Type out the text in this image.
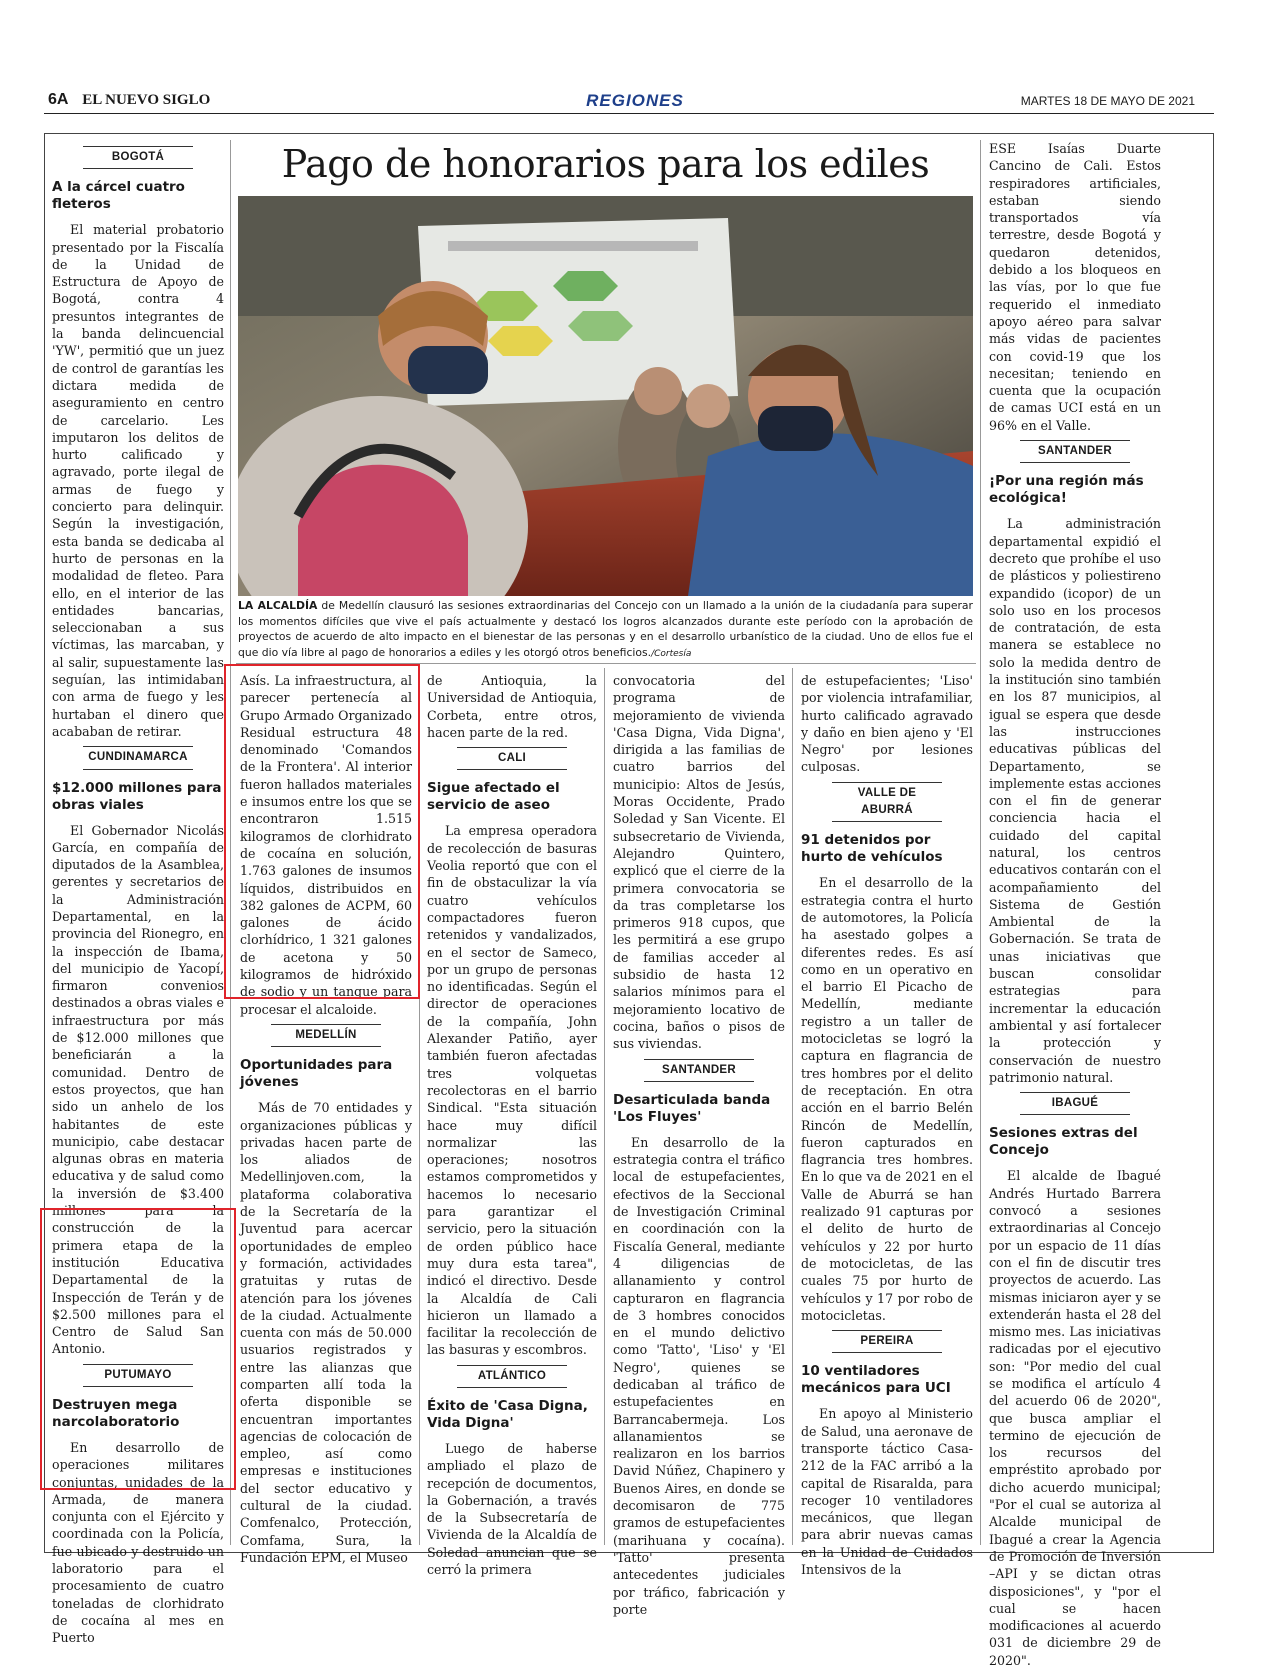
6A EL NUEVO SIGLO	REGIONES	MARTES 18 DE MAYO DE 2021
Pago de honorarios para los ediles
LA ALCALDÍA de Medellín clausuró las sesiones extraordinarias del Concejo con un llamado a la unión de la ciudadanía para superar los momentos difíciles que vive el país actualmente y destacó los logros alcanzados durante este período con la aprobación de proyectos de acuerdo de alto impacto en el bienestar de las personas y en el desarrollo urbanístico de la ciudad. Uno de ellos fue el que dio vía libre al pago de honorarios a ediles y les otorgó otros beneficios./Cortesía
BOGOTÁ
A la cárcel cuatro fleteros

El material probatorio presentado por la Fiscalía de la Unidad de Estructura de Apoyo de Bogotá, contra 4 presuntos integrantes de la banda delincuencial 'YW', permitió que un juez de control de garantías les dictara medida de aseguramiento en centro de carcelario. Les imputaron los delitos de hurto calificado y agravado, porte ilegal de armas de fuego y concierto para delinquir. Según la investigación, esta banda se dedicaba al hurto de personas en la modalidad de fleteo. Para ello, en el interior de las entidades bancarias, seleccionaban a sus víctimas, las marcaban, y al salir, supuestamente las seguían, las intimidaban con arma de fuego y les hurtaban el dinero que acababan de retirar.

CUNDINAMARCA
$12.000 millones para obras viales

El Gobernador Nicolás García, en compañía de diputados de la Asamblea, gerentes y secretarios de la Administración Departamental, en la provincia del Rionegro, en la inspección de Ibama, del municipio de Yacopí, firmaron convenios destinados a obras viales e infraestructura por más de $12.000 millones que beneficiarán a la comunidad. Dentro de estos proyectos, que han sido un anhelo de los habitantes de este municipio, cabe destacar algunas obras en materia educativa y de salud como la inversión de $3.400 millones para la construcción de la primera etapa de la institución Educativa Departamental de la Inspección de Terán y de $2.500 millones para el Centro de Salud San Antonio.

PUTUMAYO
Destruyen mega narcolaboratorio

En desarrollo de operaciones militares conjuntas, unidades de la Armada, de manera conjunta con el Ejército y coordinada con la Policía, fue ubicado y destruido un laboratorio para el procesamiento de cuatro toneladas de clorhidrato de cocaína al mes en Puerto

Asís. La infraestructura, al parecer pertenecía al Grupo Armado Organizado Residual estructura 48 denominado 'Comandos de la Frontera'. Al interior fueron hallados materiales e insumos entre los que se encontraron 1.515 kilogramos de clorhidrato de cocaína en solución, 1.763 galones de insumos líquidos, distribuidos en 382 galones de ACPM, 60 galones de ácido clorhídrico, 1 321 galones de acetona y 50 kilogramos de hidróxido de sodio y un tanque para procesar el alcaloide.

MEDELLÍN
Oportunidades para jóvenes

Más de 70 entidades y organizaciones públicas y privadas hacen parte de los aliados de Medellinjoven.com, la plataforma colaborativa de la Secretaría de la Juventud para acercar oportunidades de empleo y formación, actividades gratuitas y rutas de atención para los jóvenes de la ciudad. Actualmente cuenta con más de 50.000 usuarios registrados y entre las alianzas que comparten allí toda la oferta disponible se encuentran importantes agencias de colocación de empleo, así como empresas e instituciones del sector educativo y cultural de la ciudad. Comfenalco, Protección, Comfama, Sura, la Fundación EPM, el Museo

de Antioquia, la Universidad de Antioquia, Corbeta, entre otros, hacen parte de la red.

CALI
Sigue afectado el servicio de aseo

La empresa operadora de recolección de basuras Veolia reportó que con el fin de obstaculizar la vía cuatro vehículos compactadores fueron retenidos y vandalizados, en el sector de Sameco, por un grupo de personas no identificadas. Según el director de operaciones de la compañía, John Alexander Patiño, ayer también fueron afectadas tres volquetas recolectoras en el barrio Sindical. "Esta situación hace muy difícil normalizar las operaciones; nosotros estamos comprometidos y hacemos lo necesario para garantizar el servicio, pero la situación de orden público hace muy dura esta tarea", indicó el directivo. Desde la Alcaldía de Cali hicieron un llamado a facilitar la recolección de las basuras y escombros.

ATLÁNTICO
Éxito de 'Casa Digna, Vida Digna'

Luego de haberse ampliado el plazo de recepción de documentos, la Gobernación, a través de la Subsecretaría de Vivienda de la Alcaldía de Soledad anuncian que se cerró la primera

convocatoria del programa de mejoramiento de vivienda 'Casa Digna, Vida Digna', dirigida a las familias de cuatro barrios del municipio: Altos de Jesús, Moras Occidente, Prado Soledad y San Vicente. El subsecretario de Vivienda, Alejandro Quintero, explicó que el cierre de la primera convocatoria se da tras completarse los primeros 918 cupos, que les permitirá a ese grupo de familias acceder al subsidio de hasta 12 salarios mínimos para el mejoramiento locativo de cocina, baños o pisos de sus viviendas.

SANTANDER
Desarticulada banda 'Los Fluyes'

En desarrollo de la estrategia contra el tráfico local de estupefacientes, efectivos de la Seccional de Investigación Criminal en coordinación con la Fiscalía General, mediante 4 diligencias de allanamiento y control capturaron en flagrancia de 3 hombres conocidos en el mundo delictivo como 'Tatto', 'Liso' y 'El Negro', quienes se dedicaban al tráfico de estupefacientes en Barrancabermeja. Los allanamientos se realizaron en los barrios David Núñez, Chapinero y Buenos Aires, en donde se decomisaron de 775 gramos de estupefacientes (marihuana y cocaína). 'Tatto' presenta antecedentes judiciales por tráfico, fabricación y porte

de estupefacientes; 'Liso' por violencia intrafamiliar, hurto calificado agravado y daño en bien ajeno y 'El Negro' por lesiones culposas.

VALLE DE ABURRÁ
91 detenidos por hurto de vehículos

En el desarrollo de la estrategia contra el hurto de automotores, la Policía ha asestado golpes a diferentes redes. Es así como en un operativo en el barrio El Picacho de Medellín, mediante registro a un taller de motocicletas se logró la captura en flagrancia de tres hombres por el delito de receptación. En otra acción en el barrio Belén Rincón de Medellín, fueron capturados en flagrancia tres hombres. En lo que va de 2021 en el Valle de Aburrá se han realizado 91 capturas por el delito de hurto de vehículos y 22 por hurto de motocicletas, de las cuales 75 por hurto de vehículos y 17 por robo de motocicletas.

PEREIRA
10 ventiladores mecánicos para UCI

En apoyo al Ministerio de Salud, una aeronave de transporte táctico Casa-212 de la FAC arribó a la capital de Risaralda, para recoger 10 ventiladores mecánicos, que llegan para abrir nuevas camas en la Unidad de Cuidados Intensivos de la

ESE Isaías Duarte Cancino de Cali. Estos respiradores artificiales, estaban siendo transportados vía terrestre, desde Bogotá y quedaron detenidos, debido a los bloqueos en las vías, por lo que fue requerido el inmediato apoyo aéreo para salvar más vidas de pacientes con covid-19 que los necesitan; teniendo en cuenta que la ocupación de camas UCI está en un 96% en el Valle.

SANTANDER
¡Por una región más ecológica!

La administración departamental expidió el decreto que prohíbe el uso de plásticos y poliestireno expandido (icopor) de un solo uso en los procesos de contratación, de esta manera se establece no solo la medida dentro de la institución sino también en los 87 municipios, al igual se espera que desde las instrucciones educativas públicas del Departamento, se implemente estas acciones con el fin de generar conciencia hacia el cuidado del capital natural, los centros educativos contarán con el acompañamiento del Sistema de Gestión Ambiental de la Gobernación. Se trata de unas iniciativas que buscan consolidar estrategias para incrementar la educación ambiental y así fortalecer la protección y conservación de nuestro patrimonio natural.

IBAGUÉ
Sesiones extras del Concejo

El alcalde de Ibagué Andrés Hurtado Barrera convocó a sesiones extraordinarias al Concejo por un espacio de 11 días con el fin de discutir tres proyectos de acuerdo. Las mismas iniciaron ayer y se extenderán hasta el 28 del mismo mes. Las iniciativas radicadas por el ejecutivo son: "Por medio del cual se modifica el artículo 4 del acuerdo 06 de 2020", que busca ampliar el termino de ejecución de los recursos del empréstito aprobado por dicho acuerdo municipal; "Por el cual se autoriza al Alcalde municipal de Ibagué a crear la Agencia de Promoción de Inversión –API y se dictan otras disposiciones", y "por el cual se hacen modificaciones al acuerdo 031 de diciembre 29 de 2020".
